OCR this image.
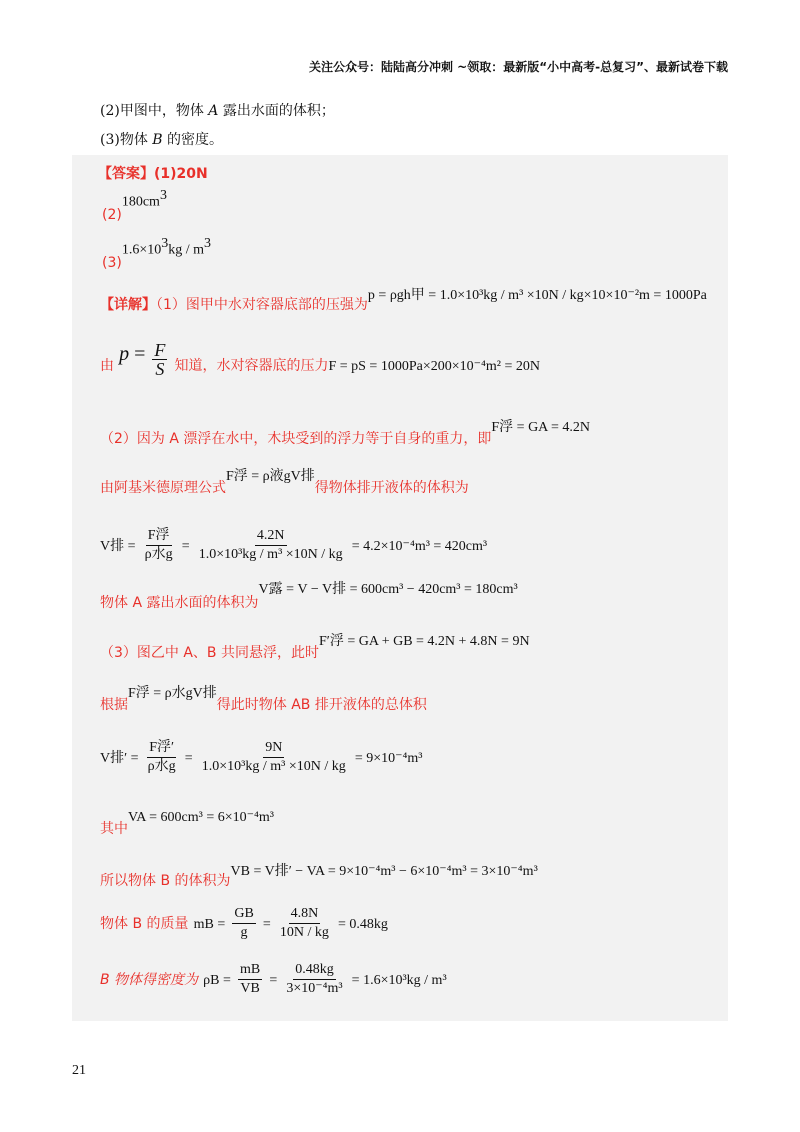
关注公众号：陆陆高分冲刺 ~领取：最新版“小中高考-总复习”、最新试卷下载
(2)甲图中，物体 A 露出水面的体积；
(3)物体 B 的密度。
【答案】(1)20N
$(2)180cm^3$
$(3)1.6\times 10^3kg / m^3$
【详解】（1）图甲中水对容器底部的压强为p = ρgh甲 = 1.0×10³kg / m³ ×10N / kg×10×10⁻²m = 1000Pa
由 $p = \frac{F}{S}$ 知道，水对容器底的压力F = pS = 1000Pa×200×10⁻⁴m² = 20N
（2）因为 A 漂浮在水中，木块受到的浮力等于自身的重力，即F浮 = GA = 4.2N
由阿基米德原理公式F浮 = ρ液gV排得物体排开液体的体积为
V排 = $\frac{\text{F浮}}{\text{ρ水g}} = \frac{4.2N}{\text{1.0×10³kg / m³ ×10N / kg}} = 4.2\times 10^{-4}m^3 = 420cm^3$
物体 A 露出水面的体积为V露 = V − V排 = 600cm³ − 420cm³ = 180cm³
（3）图乙中 A、B 共同悬浮，此时F′浮 = GA + GB = 4.2N + 4.8N = 9N
根据F浮 = ρ水gV排得此时物体 AB 排开液体的总体积
V排′ = $\frac{\text{F浮′}}{\text{ρ水g}} = \frac{9N}{\text{1.0×10³kg / m³ ×10N / kg}} = 9\times 10^{-4}m^3$
其中VA = 600cm³ = 6×10⁻⁴m³
所以物体 B 的体积为VB = V排′ − VA = 9×10⁻⁴m³ − 6×10⁻⁴m³ = 3×10⁻⁴m³
物体 B 的质量 mB = $\frac{GB}{g} = \frac{4.8N}{10N / kg} = 0.48kg$
B 物体得密度为 $\rho B = \frac{mB}{VB} = \frac{0.48kg}{\text{3×10⁻⁴m³}} = 1.6\times 10^3kg / m^3$
21
